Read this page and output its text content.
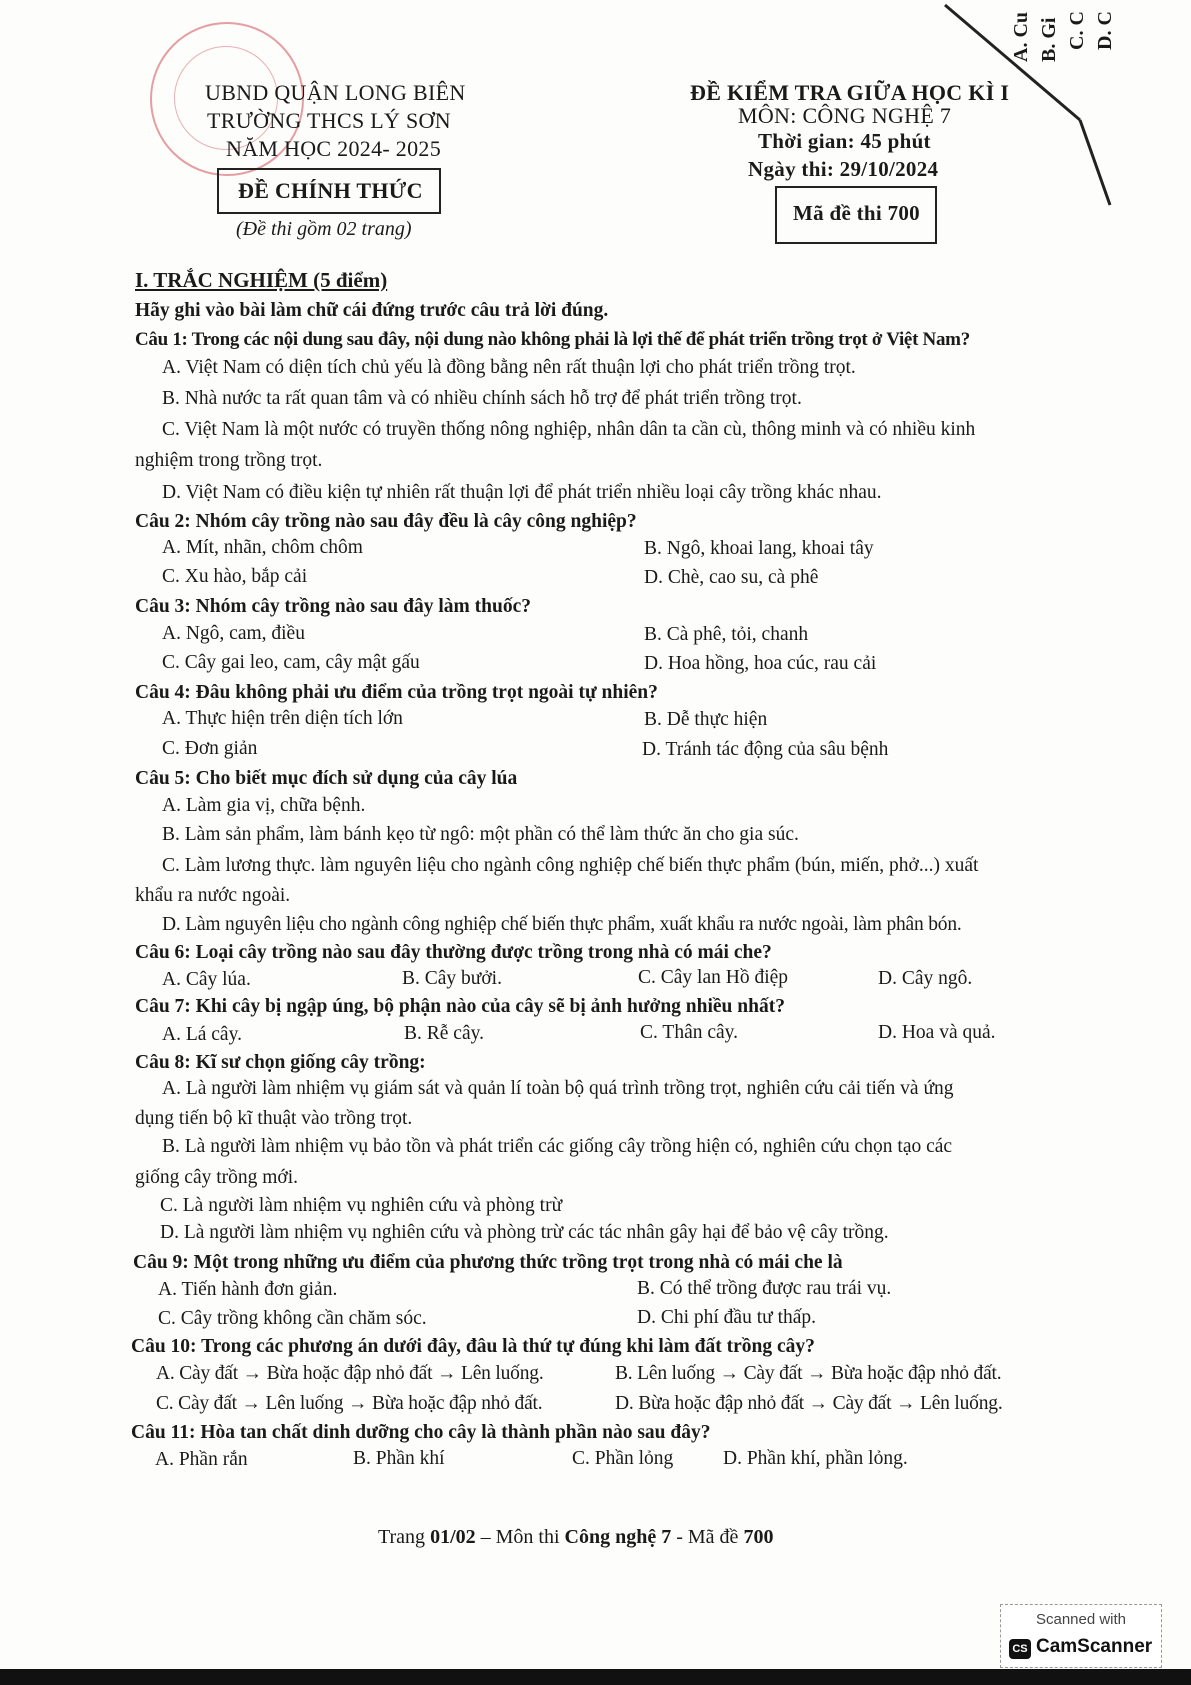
A. Cu B. Gi C. C D. C
UBND QUẬN LONG BIÊN
TRƯỜNG THCS LÝ SƠN
NĂM HỌC 2024- 2025
ĐỀ CHÍNH THỨC
(Đề thi gồm 02 trang)
ĐỀ KIỂM TRA GIỮA HỌC KÌ I
MÔN: CÔNG NGHỆ 7
Thời gian: 45 phút
Ngày thi: 29/10/2024
Mã đề thi 700
I. TRẮC NGHIỆM (5 điểm)
Hãy ghi vào bài làm chữ cái đứng trước câu trả lời đúng.
Câu 1: Trong các nội dung sau đây, nội dung nào không phải là lợi thế để phát triển trồng trọt ở Việt Nam?
A. Việt Nam có diện tích chủ yếu là đồng bằng nên rất thuận lợi cho phát triển trồng trọt.
B. Nhà nước ta rất quan tâm và có nhiều chính sách hỗ trợ để phát triển trồng trọt.
C. Việt Nam là một nước có truyền thống nông nghiệp, nhân dân ta cần cù, thông minh và có nhiều kinh
nghiệm trong trồng trọt.
D. Việt Nam có điều kiện tự nhiên rất thuận lợi để phát triển nhiều loại cây trồng khác nhau.
Câu 2: Nhóm cây trồng nào sau đây đều là cây công nghiệp?
A. Mít, nhãn, chôm chôm	B. Ngô, khoai lang, khoai tây
C. Xu hào, bắp cải	D. Chè, cao su, cà phê
Câu 3: Nhóm cây trồng nào sau đây làm thuốc?
A. Ngô, cam, điều	B. Cà phê, tỏi, chanh
C. Cây gai leo, cam, cây mật gấu	D. Hoa hồng, hoa cúc, rau cải
Câu 4: Đâu không phải ưu điểm của trồng trọt ngoài tự nhiên?
A. Thực hiện trên diện tích lớn	B. Dễ thực hiện
C. Đơn giản	D. Tránh tác động của sâu bệnh
Câu 5: Cho biết mục đích sử dụng của cây lúa
A. Làm gia vị, chữa bệnh.
B. Làm sản phẩm, làm bánh kẹo từ ngô: một phần có thể làm thức ăn cho gia súc.
C. Làm lương thực. làm nguyên liệu cho ngành công nghiệp chế biến thực phẩm (bún, miến, phở...) xuất
khẩu ra nước ngoài.
D. Làm nguyên liệu cho ngành công nghiệp chế biến thực phẩm, xuất khẩu ra nước ngoài, làm phân bón.
Câu 6: Loại cây trồng nào sau đây thường được trồng trong nhà có mái che?
A. Cây lúa.	B. Cây bưởi.	C. Cây lan Hồ điệp	D. Cây ngô.
Câu 7: Khi cây bị ngập úng, bộ phận nào của cây sẽ bị ảnh hưởng nhiều nhất?
A. Lá cây.	B. Rễ cây.	C. Thân cây.	D. Hoa và quả.
Câu 8: Kĩ sư chọn giống cây trồng:
A. Là người làm nhiệm vụ giám sát và quản lí toàn bộ quá trình trồng trọt, nghiên cứu cải tiến và ứng
dụng tiến bộ kĩ thuật vào trồng trọt.
B. Là người làm nhiệm vụ bảo tồn và phát triển các giống cây trồng hiện có, nghiên cứu chọn tạo các
giống cây trồng mới.
C. Là người làm nhiệm vụ nghiên cứu và phòng trừ
D. Là người làm nhiệm vụ nghiên cứu và phòng trừ các tác nhân gây hại để bảo vệ cây trồng.
Câu 9: Một trong những ưu điểm của phương thức trồng trọt trong nhà có mái che là
A. Tiến hành đơn giản.	B. Có thể trồng được rau trái vụ.
C. Cây trồng không cần chăm sóc.	D. Chi phí đầu tư thấp.
Câu 10: Trong các phương án dưới đây, đâu là thứ tự đúng khi làm đất trồng cây?
A. Cày đất → Bừa hoặc đập nhỏ đất → Lên luống.	B. Lên luống → Cày đất → Bừa hoặc đập nhỏ đất.
C. Cày đất → Lên luống → Bừa hoặc đập nhỏ đất.	D. Bừa hoặc đập nhỏ đất → Cày đất → Lên luống.
Câu 11: Hòa tan chất dinh dưỡng cho cây là thành phần nào sau đây?
A. Phần rắn	B. Phần khí	C. Phần lỏng	D. Phần khí, phần lỏng.
Trang 01/02 – Môn thi Công nghệ 7 - Mã đề 700
Scanned with
CS CamScanner
